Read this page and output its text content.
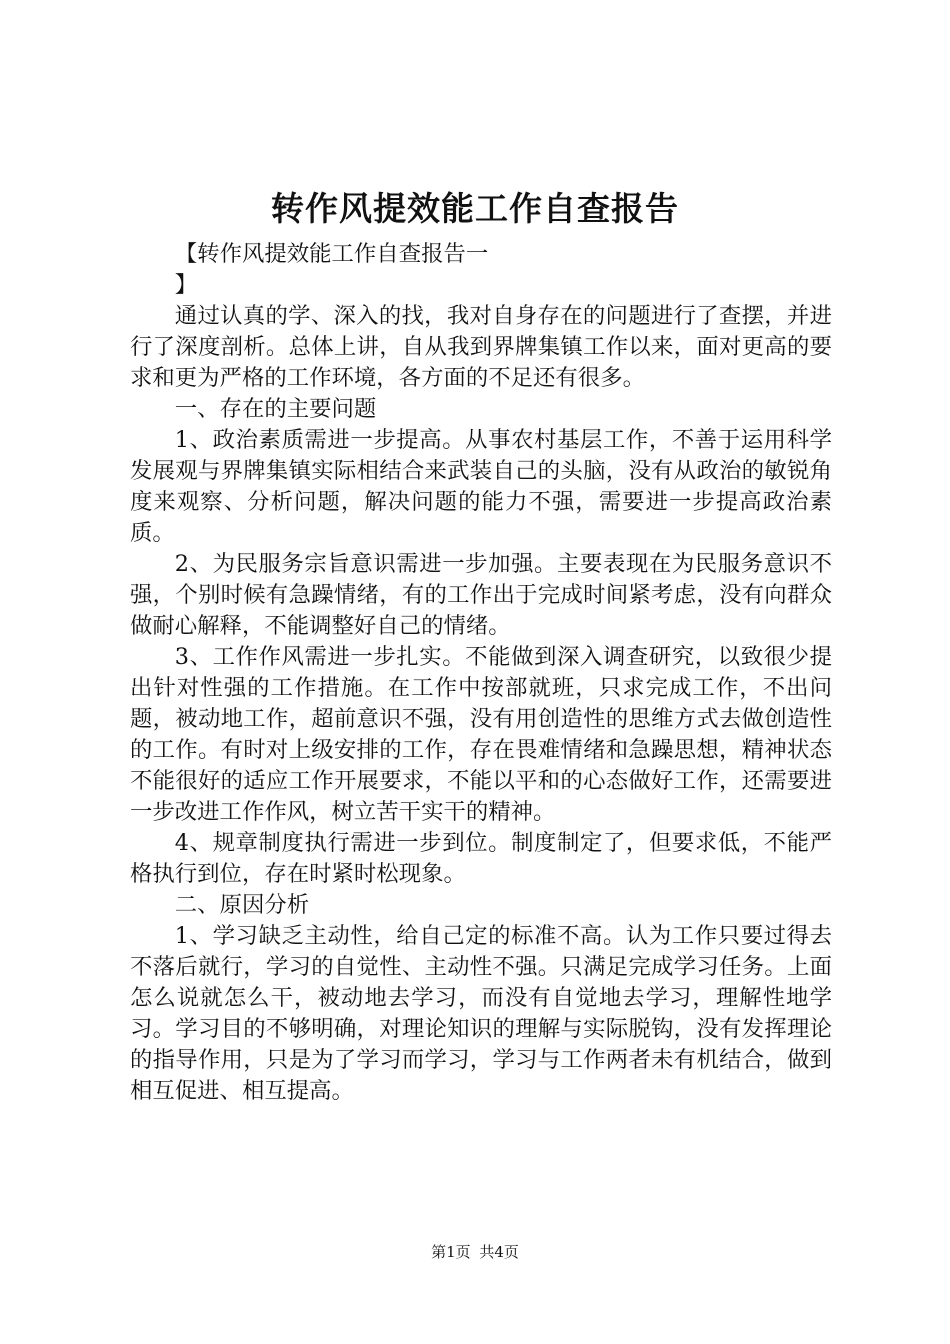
转作风提效能工作自查报告

【转作风提效能工作自查报告一

】

通过认真的学、深入的找，我对自身存在的问题进行了查摆，并进行了深度剖析。总体上讲，自从我到界牌集镇工作以来，面对更高的要求和更为严格的工作环境，各方面的不足还有很多。

一、存在的主要问题

1、政治素质需进一步提高。从事农村基层工作，不善于运用科学发展观与界牌集镇实际相结合来武装自己的头脑，没有从政治的敏锐角度来观察、分析问题，解决问题的能力不强，需要进一步提高政治素质。

2、为民服务宗旨意识需进一步加强。主要表现在为民服务意识不强，个别时候有急躁情绪，有的工作出于完成时间紧考虑，没有向群众做耐心解释，不能调整好自己的情绪。

3、工作作风需进一步扎实。不能做到深入调查研究，以致很少提出针对性强的工作措施。在工作中按部就班，只求完成工作，不出问题，被动地工作，超前意识不强，没有用创造性的思维方式去做创造性的工作。有时对上级安排的工作，存在畏难情绪和急躁思想，精神状态不能很好的适应工作开展要求，不能以平和的心态做好工作，还需要进一步改进工作作风，树立苦干实干的精神。

4、规章制度执行需进一步到位。制度制定了，但要求低，不能严格执行到位，存在时紧时松现象。

二、原因分析

1、学习缺乏主动性，给自己定的标准不高。认为工作只要过得去不落后就行，学习的自觉性、主动性不强。只满足完成学习任务。上面怎么说就怎么干，被动地去学习，而没有自觉地去学习，理解性地学习。学习目的不够明确，对理论知识的理解与实际脱钩，没有发挥理论的指导作用，只是为了学习而学习，学习与工作两者未有机结合，做到相互促进、相互提高。

第1页 共4页
